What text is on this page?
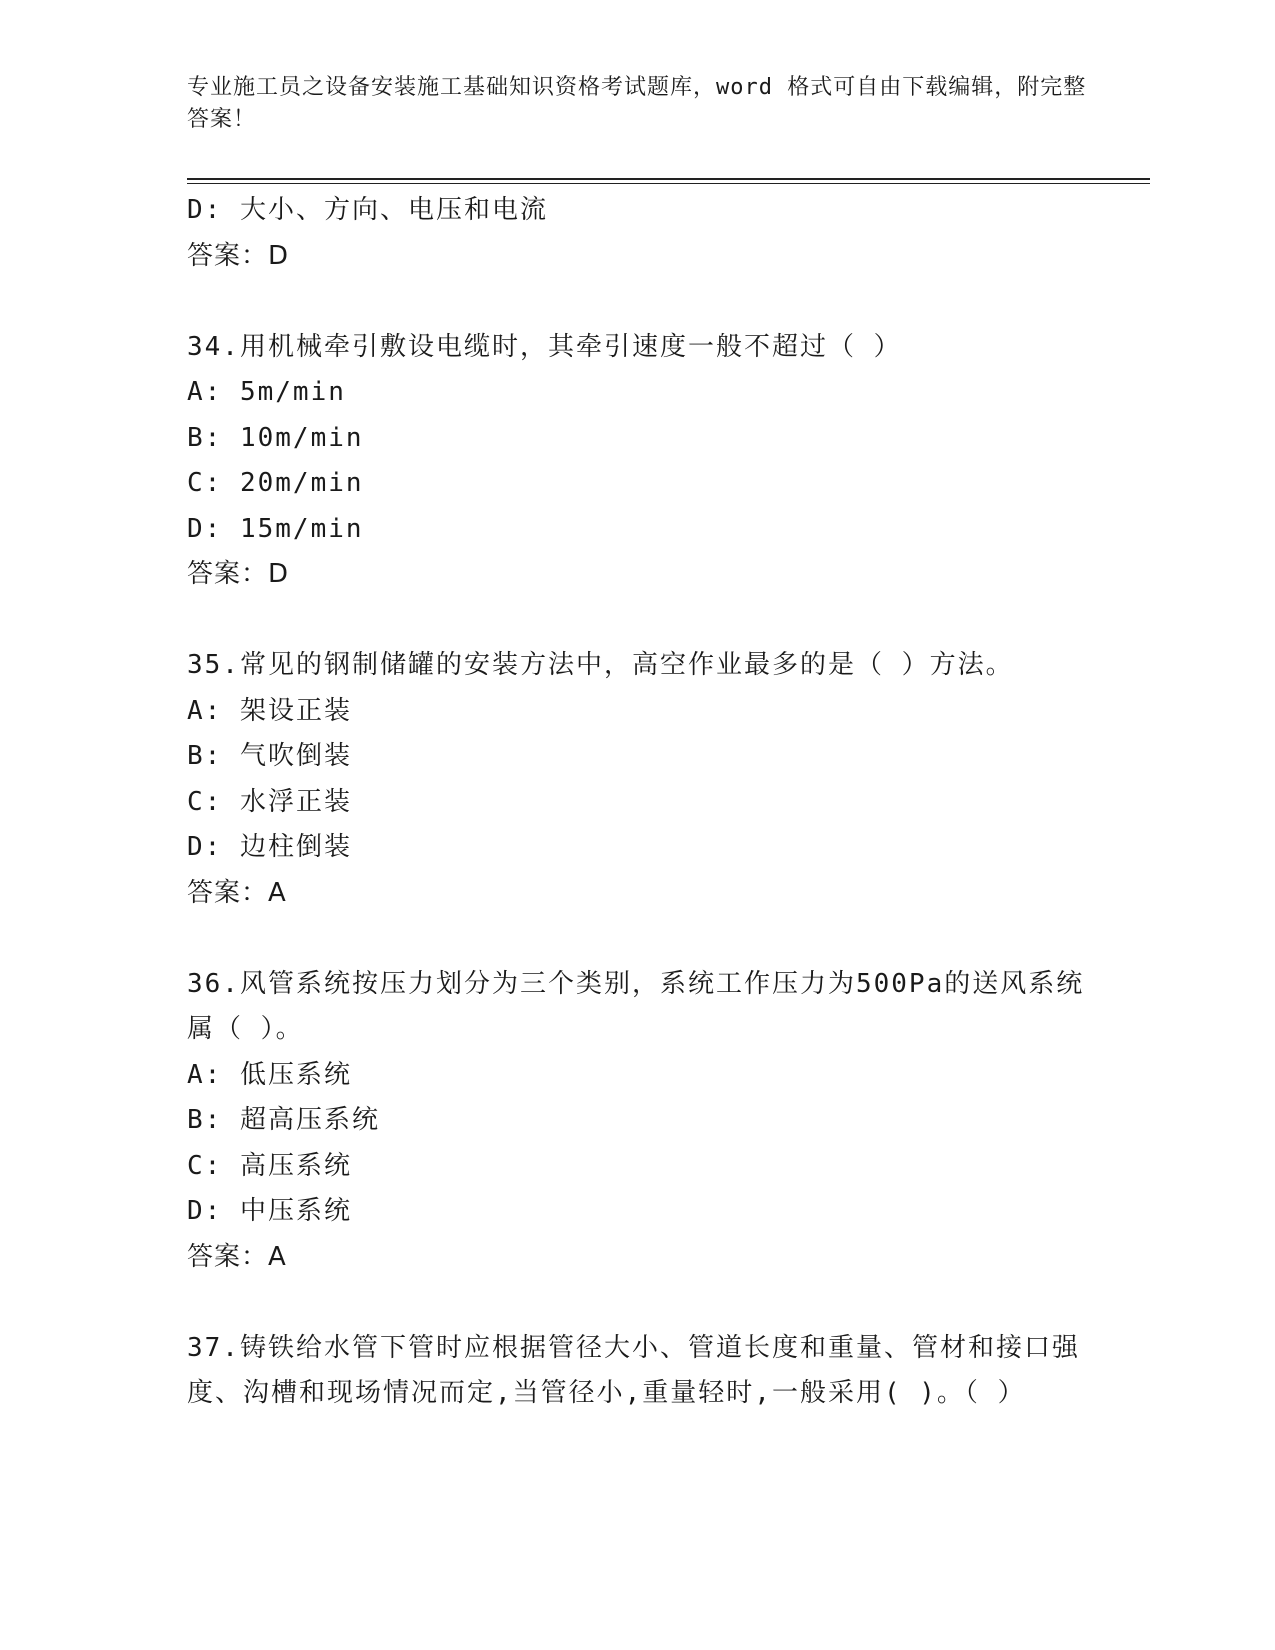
专业施工员之设备安装施工基础知识资格考试题库，word 格式可自由下载编辑，附完整答案！
D: 大小、方向、电压和电流
答案：D
34.用机械牵引敷设电缆时，其牵引速度一般不超过（ ）
A: 5m/min
B: 10m/min
C: 20m/min
D: 15m/min
答案：D
35.常见的钢制储罐的安装方法中，高空作业最多的是（ ）方法。
A: 架设正装
B: 气吹倒装
C: 水浮正装
D: 边柱倒装
答案：A
36.风管系统按压力划分为三个类别，系统工作压力为500Pa的送风系统属（ ）。
A: 低压系统
B: 超高压系统
C: 高压系统
D: 中压系统
答案：A
37.铸铁给水管下管时应根据管径大小、管道长度和重量、管材和接口强度、沟槽和现场情况而定,当管径小,重量轻时,一般采用( )。（ ）
